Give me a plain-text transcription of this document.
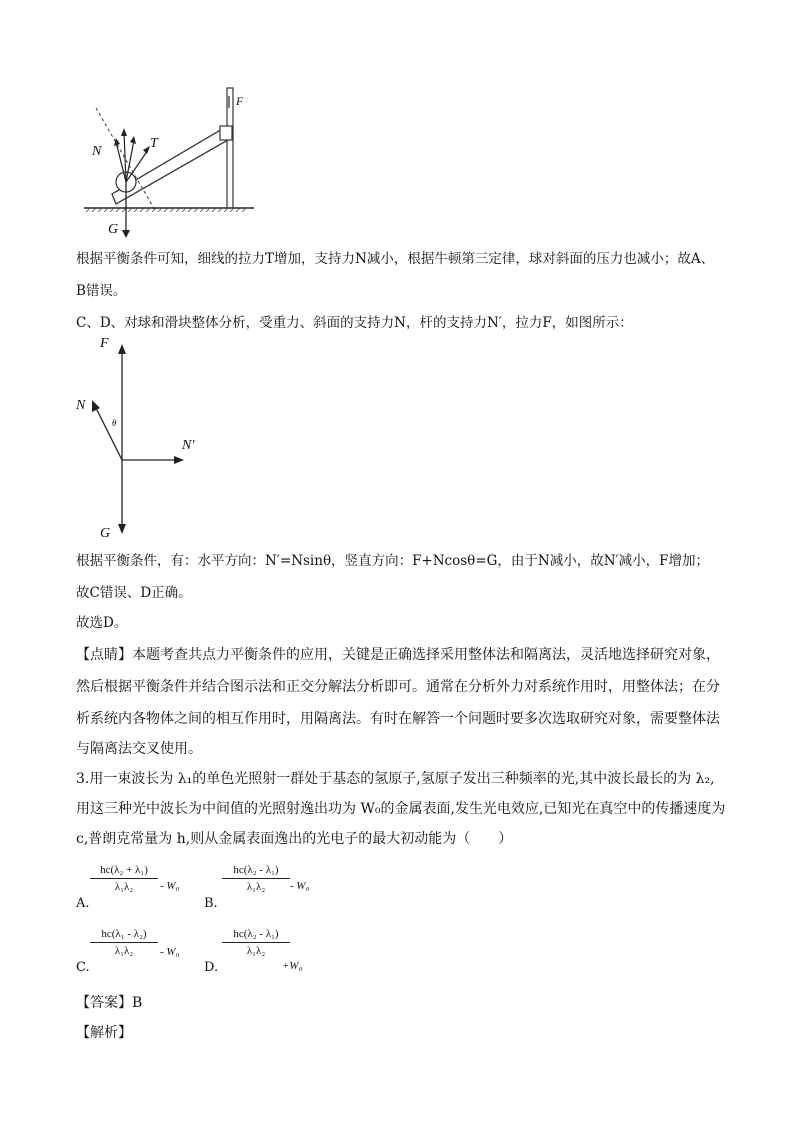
N
T
G
F
根据平衡条件可知，细线的拉力T增加，支持力N减小，根据牛顿第三定律，球对斜面的压力也减小；故A、
B错误。
C、D、对球和滑块整体分析，受重力、斜面的支持力N，杆的支持力N′，拉力F，如图所示：
F
N
θ
N′
G
根据平衡条件，有：水平方向：N′=Nsinθ，竖直方向：F+Ncosθ=G，由于N减小，故N′减小，F增加；
故C错误、D正确。
故选D。
【点睛】本题考查共点力平衡条件的应用，关键是正确选择采用整体法和隔离法，灵活地选择研究对象，
然后根据平衡条件并结合图示法和正交分解法分析即可。通常在分析外力对系统作用时，用整体法；在分
析系统内各物体之间的相互作用时，用隔离法。有时在解答一个问题时要多次选取研究对象，需要整体法
与隔离法交叉使用。
3.用一束波长为 λ₁的单色光照射一群处于基态的氢原子,氢原子发出三种频率的光,其中波长最长的为 λ₂,
用这三种光中波长为中间值的光照射逸出功为 W₀的金属表面,发生光电效应,已知光在真空中的传播速度为
c,普朗克常量为 h,则从金属表面逸出的光电子的最大初动能为（　　）
A.
$\frac{\text{hc(λ₂ + λ₁)}}{\text{λ₁λ₂}} - W_0$
B.
$\frac{\text{hc(λ₂ - λ₁)}}{\text{λ₁λ₂}} - W_0$
C.
$\frac{\text{hc(λ₁ - λ₂)}}{\text{λ₁λ₂}} - W_0$
D.
$\frac{\text{hc(λ₂ - λ₁)}}{\text{λ₁λ₂}}$
+W₀
【答案】B
【解析】
